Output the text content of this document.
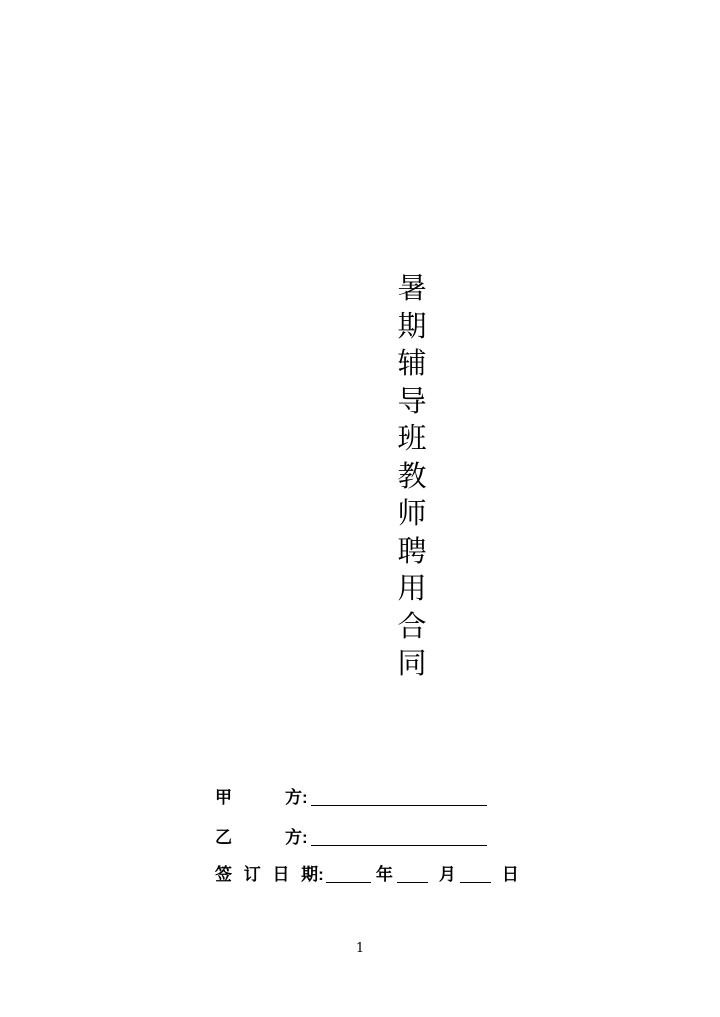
暑期辅导班教师聘用合同
甲	方:
乙	方:
签 订 日 期:	年	月	日
1
